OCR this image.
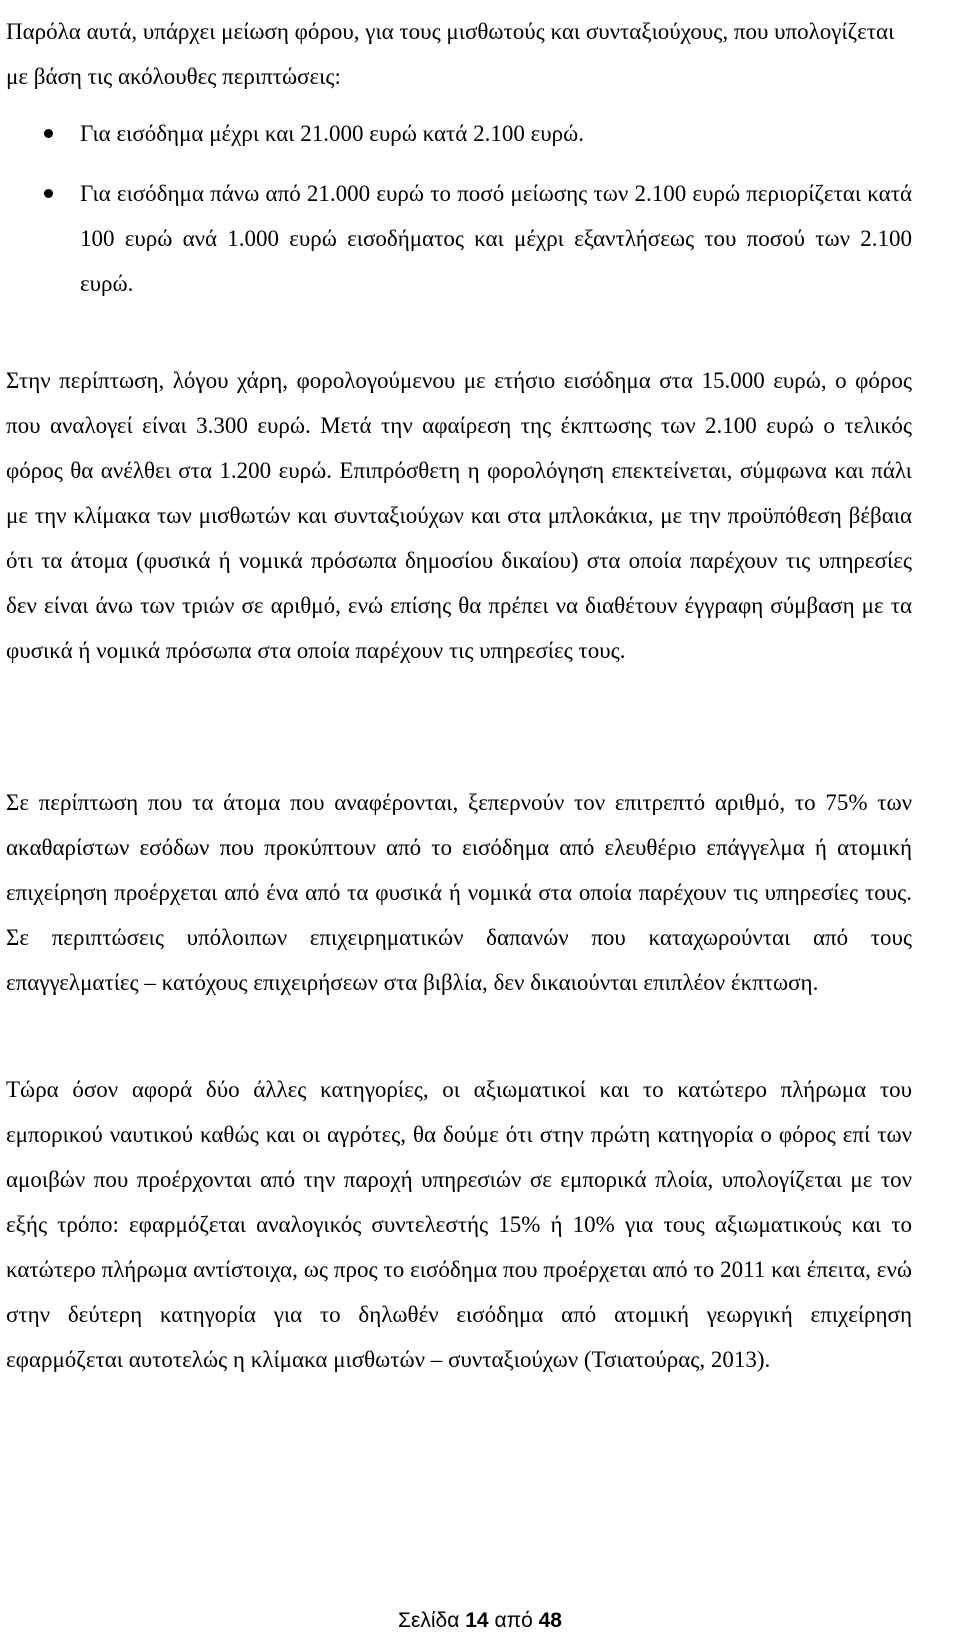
Παρόλα αυτά, υπάρχει μείωση φόρου, για τους μισθωτούς και συνταξιούχους, που υπολογίζεται με βάση τις ακόλουθες περιπτώσεις:

Για εισόδημα μέχρι και 21.000 ευρώ κατά 2.100 ευρώ.
Για εισόδημα πάνω από 21.000 ευρώ το ποσό μείωσης των 2.100 ευρώ περιορίζεται κατά 100 ευρώ ανά 1.000 ευρώ εισοδήματος και μέχρι εξαντλήσεως του ποσού των 2.100 ευρώ.

Στην περίπτωση, λόγου χάρη, φορολογούμενου με ετήσιο εισόδημα στα 15.000 ευρώ, ο φόρος που αναλογεί είναι 3.300 ευρώ. Μετά την αφαίρεση της έκπτωσης των 2.100 ευρώ ο τελικός φόρος θα ανέλθει στα 1.200 ευρώ. Επιπρόσθετη η φορολόγηση επεκτείνεται, σύμφωνα και πάλι με την κλίμακα των μισθωτών και συνταξιούχων και στα μπλοκάκια, με την προϋπόθεση βέβαια ότι τα άτομα (φυσικά ή νομικά πρόσωπα δημοσίου δικαίου) στα οποία παρέχουν τις υπηρεσίες δεν είναι άνω των τριών σε αριθμό, ενώ επίσης θα πρέπει να διαθέτουν έγγραφη σύμβαση με τα φυσικά ή νομικά πρόσωπα στα οποία παρέχουν τις υπηρεσίες τους.

Σε περίπτωση που τα άτομα που αναφέρονται, ξεπερνούν τον επιτρεπτό αριθμό, το 75% των ακαθαρίστων εσόδων που προκύπτουν από το εισόδημα από ελευθέριο επάγγελμα ή ατομική επιχείρηση προέρχεται από ένα από τα φυσικά ή νομικά στα οποία παρέχουν τις υπηρεσίες τους. Σε περιπτώσεις υπόλοιπων επιχειρηματικών δαπανών που καταχωρούνται από τους επαγγελματίες – κατόχους επιχειρήσεων στα βιβλία, δεν δικαιούνται επιπλέον έκπτωση.

Τώρα όσον αφορά δύο άλλες κατηγορίες, οι αξιωματικοί και το κατώτερο πλήρωμα του εμπορικού ναυτικού καθώς και οι αγρότες, θα δούμε ότι στην πρώτη κατηγορία ο φόρος επί των αμοιβών που προέρχονται από την παροχή υπηρεσιών σε εμπορικά πλοία, υπολογίζεται με τον εξής τρόπο: εφαρμόζεται αναλογικός συντελεστής 15% ή 10% για τους αξιωματικούς και το κατώτερο πλήρωμα αντίστοιχα, ως προς το εισόδημα που προέρχεται από το 2011 και έπειτα, ενώ στην δεύτερη κατηγορία για το δηλωθέν εισόδημα από ατομική γεωργική επιχείρηση εφαρμόζεται αυτοτελώς η κλίμακα μισθωτών – συνταξιούχων (Τσιατούρας, 2013).

Σελίδα 14 από 48
